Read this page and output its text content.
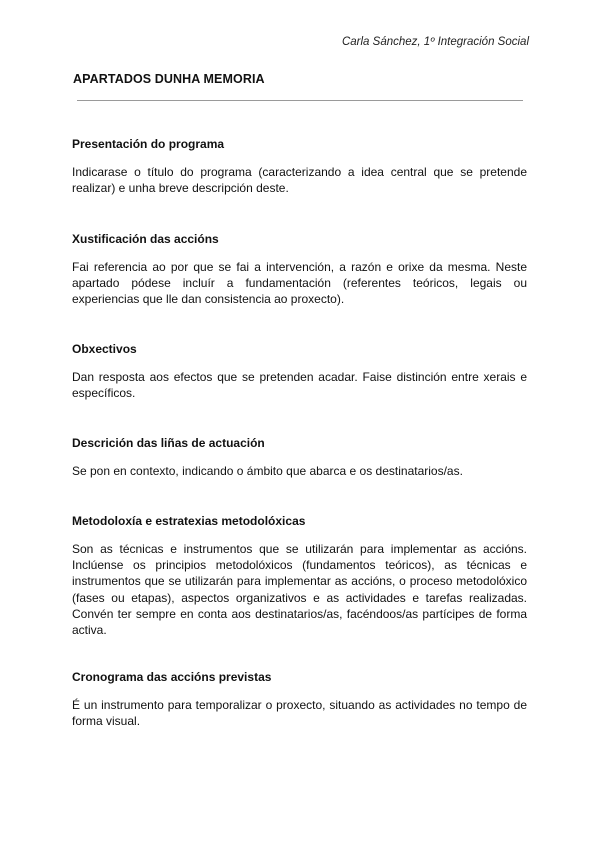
Carla Sánchez, 1º Integración Social
APARTADOS DUNHA MEMORIA
Presentación do programa

Indicarase o título do programa (caracterizando a idea central que se pretende realizar) e unha breve descripción deste.

Xustificación das accións

Fai referencia ao por que se fai a intervención, a razón e orixe da mesma. Neste apartado pódese incluír a fundamentación (referentes teóricos, legais ou experiencias que lle dan consistencia ao proxecto).

Obxectivos

Dan resposta aos efectos que se pretenden acadar. Faise distinción entre xerais e específicos.

Descrición das liñas de actuación

Se pon en contexto, indicando o ámbito que abarca e os destinatarios/as.

Metodoloxía e estratexias metodolóxicas

Son as técnicas e instrumentos que se utilizarán para implementar as accións. Inclúense os principios metodolóxicos (fundamentos teóricos), as técnicas e instrumentos que se utilizarán para implementar as accións, o proceso metodolóxico (fases ou etapas), aspectos organizativos e as actividades e tarefas realizadas. Convén ter sempre en conta aos destinatarios/as, facéndoos/as partícipes de forma activa.

Cronograma das accións previstas

É un instrumento para temporalizar o proxecto, situando as actividades no tempo de forma visual.
